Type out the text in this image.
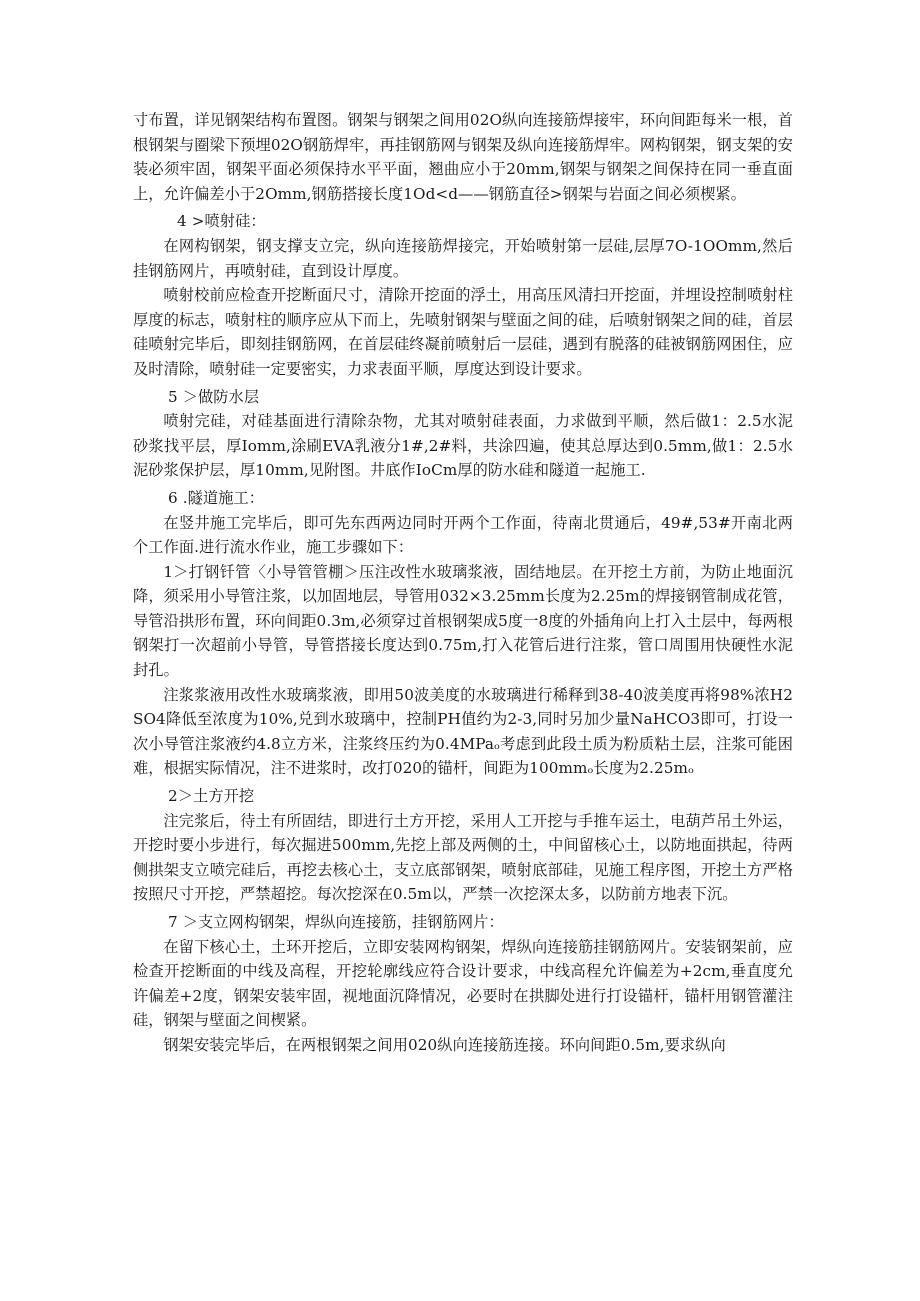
寸布置，详见钢架结构布置图。钢架与钢架之间用02O纵向连接筋焊接牢，环向间距每米一根，首根钢架与圈梁下预埋02O钢筋焊牢，再挂钢筋网与钢架及纵向连接筋焊牢。网构钢架，钢支架的安装必须牢固，钢架平面必须保持水平平面，翘曲应小于20mm,钢架与钢架之间保持在同一垂直面上，允许偏差小于2Omm,钢筋搭接长度1Od<d——钢筋直径>钢架与岩面之间必须楔紧。

4 >喷射硅：

在网构钢架，钢支撑支立完，纵向连接筋焊接完，开始喷射第一层硅,层厚7O-1OOmm,然后挂钢筋网片，再喷射硅，直到设计厚度。

喷射校前应检查开挖断面尺寸，清除开挖面的浮土，用高压风清扫开挖面，并埋设控制喷射柱厚度的标志，喷射柱的顺序应从下而上，先喷射钢架与壁面之间的硅，后喷射钢架之间的硅，首层硅喷射完毕后，即刻挂钢筋网，在首层硅终凝前喷射后一层硅，遇到有脱落的硅被钢筋网困住，应及时清除，喷射硅一定要密实，力求表面平顺，厚度达到设计要求。

5 ＞做防水层

喷射完硅，对硅基面进行清除杂物，尤其对喷射硅表面，力求做到平顺，然后做1：2.5水泥砂浆找平层，厚Iomm,涂刷EVA乳液分1#,2#料，共涂四遍，使其总厚达到0.5mm,做1：2.5水泥砂浆保护层，厚10mm,见附图。井底作IoCm厚的防水硅和隧道一起施工.

6 .隧道施工：

在竖井施工完毕后，即可先东西两边同时开两个工作面，待南北贯通后，49#,53#开南北两个工作面.进行流水作业，施工步骤如下：

1＞打钢钎管〈小导管管棚＞压注改性水玻璃浆液，固结地层。在开挖土方前，为防止地面沉降，须采用小导管注浆，以加固地层，导管用032×3.25mm长度为2.25m的焊接钢管制成花管，导管沿拱形布置，环向间距0.3m,必须穿过首根钢架成5度一8度的外插角向上打入土层中，每两根钢架打一次超前小导管，导管搭接长度达到0.75m,打入花管后进行注浆，管口周围用快硬性水泥封孔。

注浆浆液用改性水玻璃浆液，即用50波美度的水玻璃进行稀释到38-40波美度再将98%浓H2SO4降低至浓度为10%,兑到水玻璃中，控制PH值约为2-3,同时另加少量NaHCO3即可，打设一次小导管注浆液约4.8立方米，注浆终压约为0.4MPaₒ考虑到此段土质为粉质粘土层，注浆可能困难，根据实际情况，注不进浆时，改打020的锚杆，间距为100mmₒ长度为2.25mₒ

2＞土方开挖

注完浆后，待土有所固结，即进行土方开挖，采用人工开挖与手推车运土，电葫芦吊土外运，开挖时要小步进行，每次掘进500mm,先挖上部及两侧的土，中间留核心土，以防地面拱起，待两侧拱架支立喷完硅后，再挖去核心土，支立底部钢架，喷射底部硅，见施工程序图，开挖土方严格按照尺寸开挖，严禁超挖。每次挖深在0.5m以，严禁一次挖深太多，以防前方地表下沉。

7 ＞支立网构钢架，焊纵向连接筋，挂钢筋网片：

在留下核心土，土环开挖后，立即安装网构钢架，焊纵向连接筋挂钢筋网片。安装钢架前，应检查开挖断面的中线及高程，开挖轮廓线应符合设计要求，中线高程允许偏差为+2cm,垂直度允许偏差+2度，钢架安装牢固，视地面沉降情况，必要时在拱脚处进行打设锚杆，锚杆用钢管灌注硅，钢架与壁面之间楔紧。

钢架安装完毕后，在两根钢架之间用020纵向连接筋连接。环向间距0.5m,要求纵向
